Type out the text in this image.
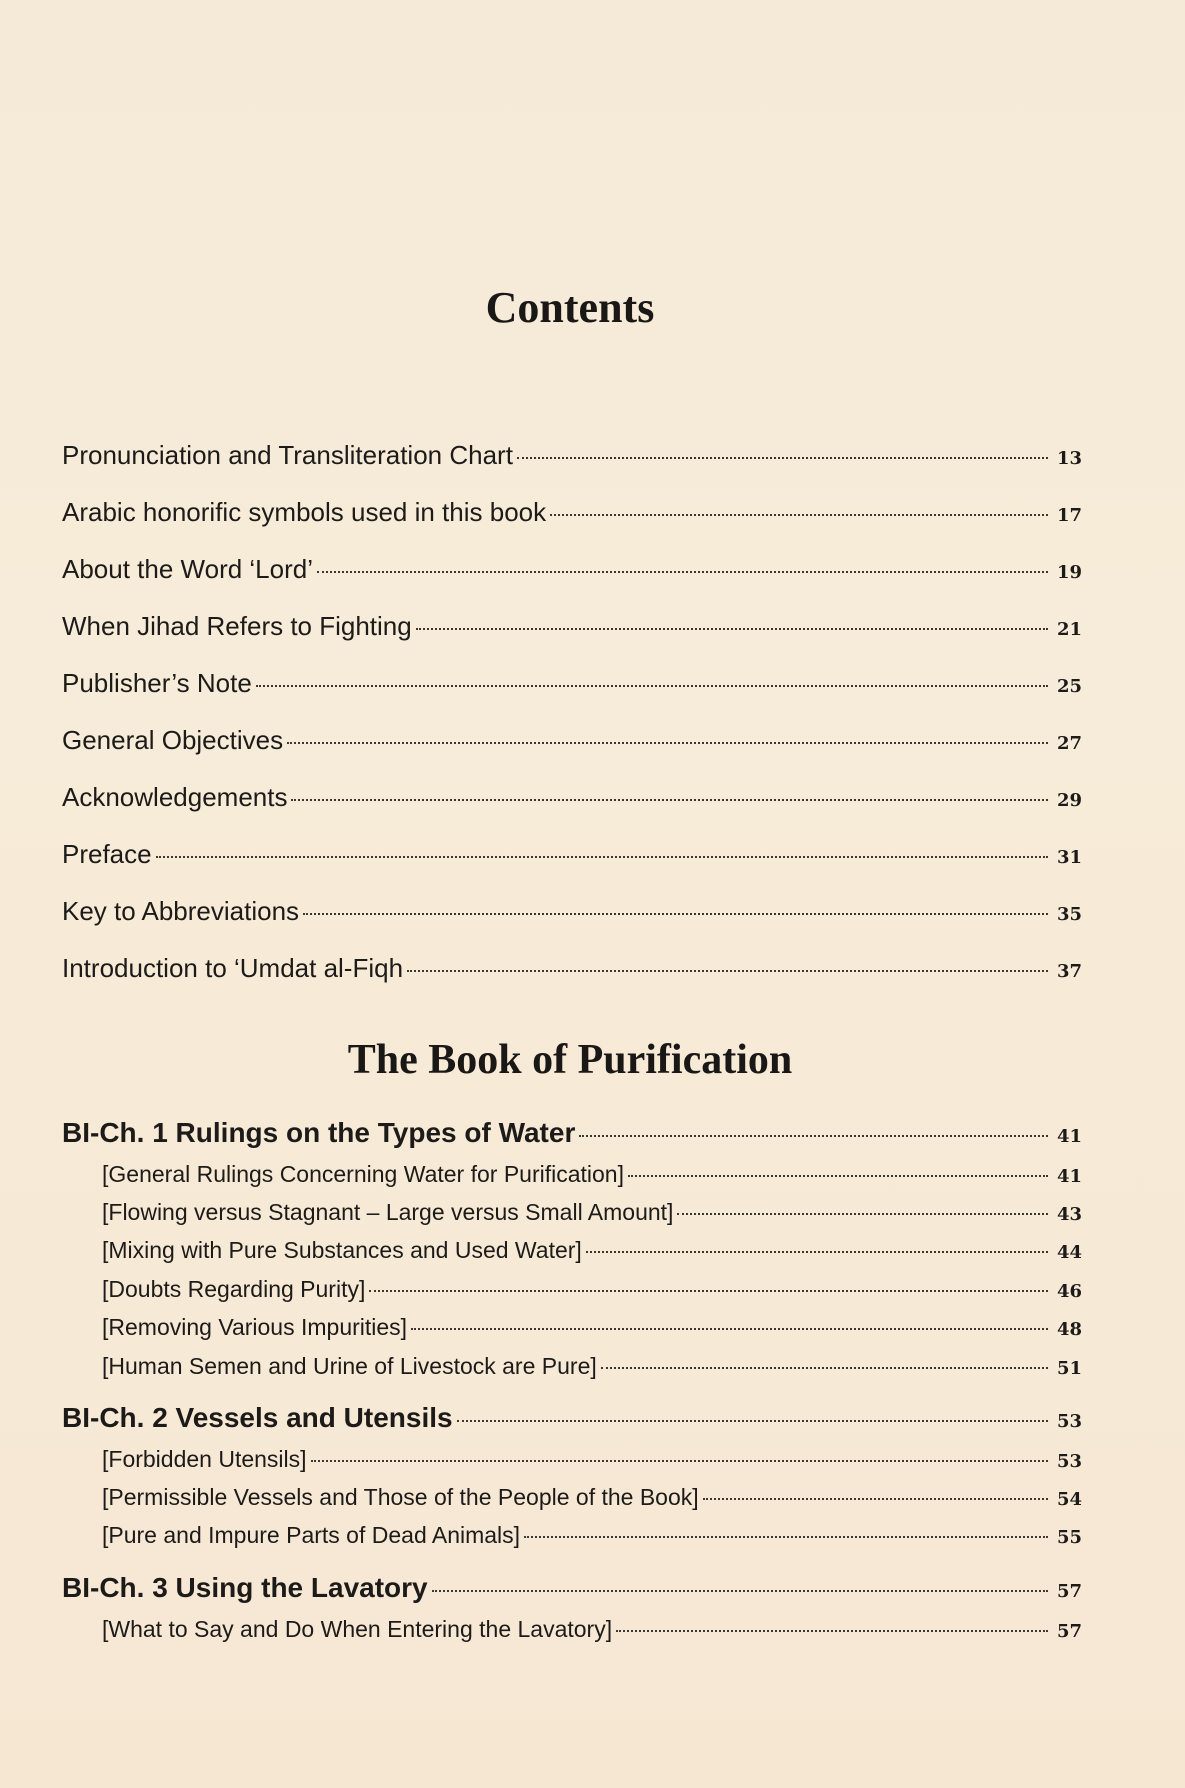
Contents
Pronunciation and Transliteration Chart	13
Arabic honorific symbols used in this book	17
About the Word ‘Lord’	19
When Jihad Refers to Fighting	21
Publisher’s Note	25
General Objectives	27
Acknowledgements	29
Preface	31
Key to Abbreviations	35
Introduction to ‘Umdat al-Fiqh	37
The Book of Purification
BI-Ch. 1 Rulings on the Types of Water	41
[General Rulings Concerning Water for Purification]	41
[Flowing versus Stagnant – Large versus Small Amount]	43
[Mixing with Pure Substances and Used Water]	44
[Doubts Regarding Purity]	46
[Removing Various Impurities]	48
[Human Semen and Urine of Livestock are Pure]	51
BI-Ch. 2 Vessels and Utensils	53
[Forbidden Utensils]	53
[Permissible Vessels and Those of the People of the Book]	54
[Pure and Impure Parts of Dead Animals]	55
BI-Ch. 3 Using the Lavatory	57
[What to Say and Do When Entering the Lavatory]	57
